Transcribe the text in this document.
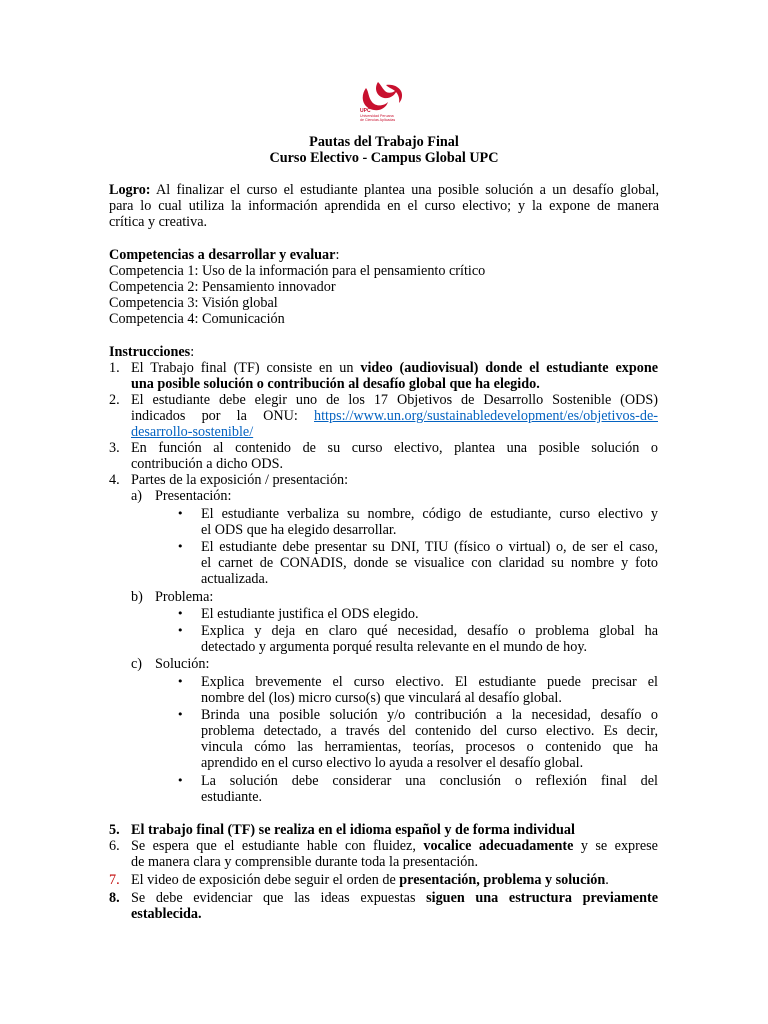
UPC
Universidad Peruana
de Ciencias Aplicadas
Pautas del Trabajo Final
Curso Electivo - Campus Global UPC
Logro: Al finalizar el curso el estudiante plantea una posible solución a un desafío global,
para lo cual utiliza la información aprendida en el curso electivo; y la expone de manera
crítica y creativa.
Competencias a desarrollar y evaluar:
Competencia 1: Uso de la información para el pensamiento crítico
Competencia 2: Pensamiento innovador
Competencia 3: Visión global
Competencia 4: Comunicación
Instrucciones:
1. El Trabajo final (TF) consiste en un video (audiovisual) donde el estudiante expone
una posible solución o contribución al desafío global que ha elegido.
2. El estudiante debe elegir uno de los 17 Objetivos de Desarrollo Sostenible (ODS)
indicados por la ONU: https://www.un.org/sustainabledevelopment/es/objetivos-de-
desarrollo-sostenible/
3. En función al contenido de su curso electivo, plantea una posible solución o
contribución a dicho ODS.
4. Partes de la exposición / presentación:
a) Presentación:
•	El estudiante verbaliza su nombre, código de estudiante, curso electivo y
el ODS que ha elegido desarrollar.
•	El estudiante debe presentar su DNI, TIU (físico o virtual) o, de ser el caso,
el carnet de CONADIS, donde se visualice con claridad su nombre y foto
actualizada.
b) Problema:
•	El estudiante justifica el ODS elegido.
•	Explica y deja en claro qué necesidad, desafío o problema global ha
detectado y argumenta porqué resulta relevante en el mundo de hoy.
c) Solución:
•	Explica brevemente el curso electivo. El estudiante puede precisar el
nombre del (los) micro curso(s) que vinculará al desafío global.
•	Brinda una posible solución y/o contribución a la necesidad, desafío o
problema detectado, a través del contenido del curso electivo. Es decir,
vincula cómo las herramientas, teorías, procesos o contenido que ha
aprendido en el curso electivo lo ayuda a resolver el desafío global.
•	La solución debe considerar una conclusión o reflexión final del
estudiante.
5. El trabajo final (TF) se realiza en el idioma español y de forma individual
6. Se espera que el estudiante hable con fluidez, vocalice adecuadamente y se exprese
de manera clara y comprensible durante toda la presentación.
7. El video de exposición debe seguir el orden de presentación, problema y solución.
8. Se debe evidenciar que las ideas expuestas siguen una estructura previamente
establecida.
